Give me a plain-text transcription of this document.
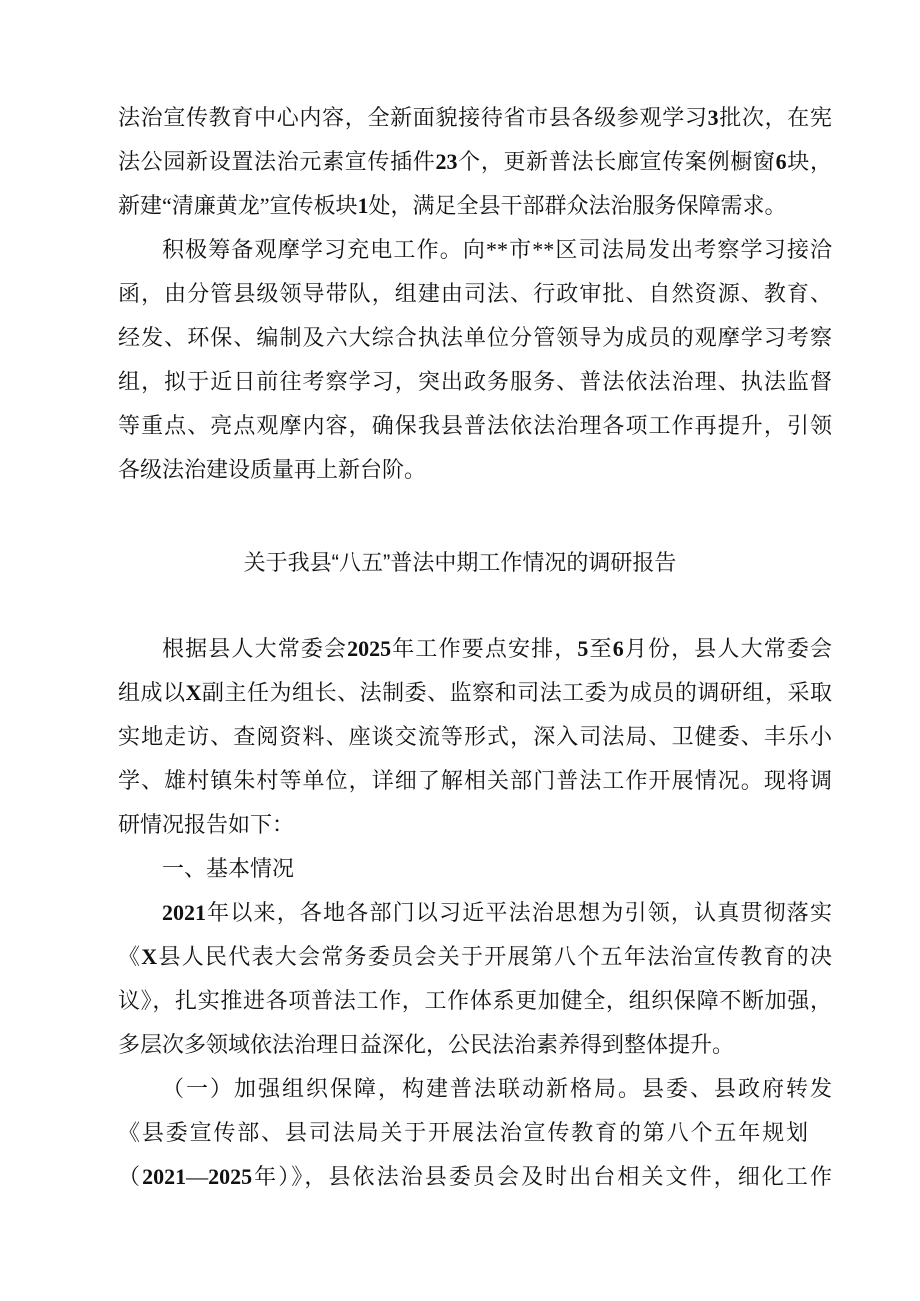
法治宣传教育中心内容，全新面貌接待省市县各级参观学习3批次，在宪
法公园新设置法治元素宣传插件23个，更新普法长廊宣传案例橱窗6块，
新建“清廉黄龙”宣传板块1处，满足全县干部群众法治服务保障需求。
积极筹备观摩学习充电工作。向**市**区司法局发出考察学习接洽
函，由分管县级领导带队，组建由司法、行政审批、自然资源、教育、
经发、环保、编制及六大综合执法单位分管领导为成员的观摩学习考察
组，拟于近日前往考察学习，突出政务服务、普法依法治理、执法监督
等重点、亮点观摩内容，确保我县普法依法治理各项工作再提升，引领
各级法治建设质量再上新台阶。
关于我县“八五”普法中期工作情况的调研报告
根据县人大常委会2025年工作要点安排，5至6月份，县人大常委会
组成以X副主任为组长、法制委、监察和司法工委为成员的调研组，采取
实地走访、查阅资料、座谈交流等形式，深入司法局、卫健委、丰乐小
学、雄村镇朱村等单位，详细了解相关部门普法工作开展情况。现将调
研情况报告如下：
一、基本情况
2021年以来，各地各部门以习近平法治思想为引领，认真贯彻落实
《X县人民代表大会常务委员会关于开展第八个五年法治宣传教育的决
议》，扎实推进各项普法工作，工作体系更加健全，组织保障不断加强，
多层次多领域依法治理日益深化，公民法治素养得到整体提升。
（一）加强组织保障，构建普法联动新格局。县委、县政府转发
《县委宣传部、县司法局关于开展法治宣传教育的第八个五年规划
（2021—2025年）》，县依法治县委员会及时出台相关文件，细化工作
